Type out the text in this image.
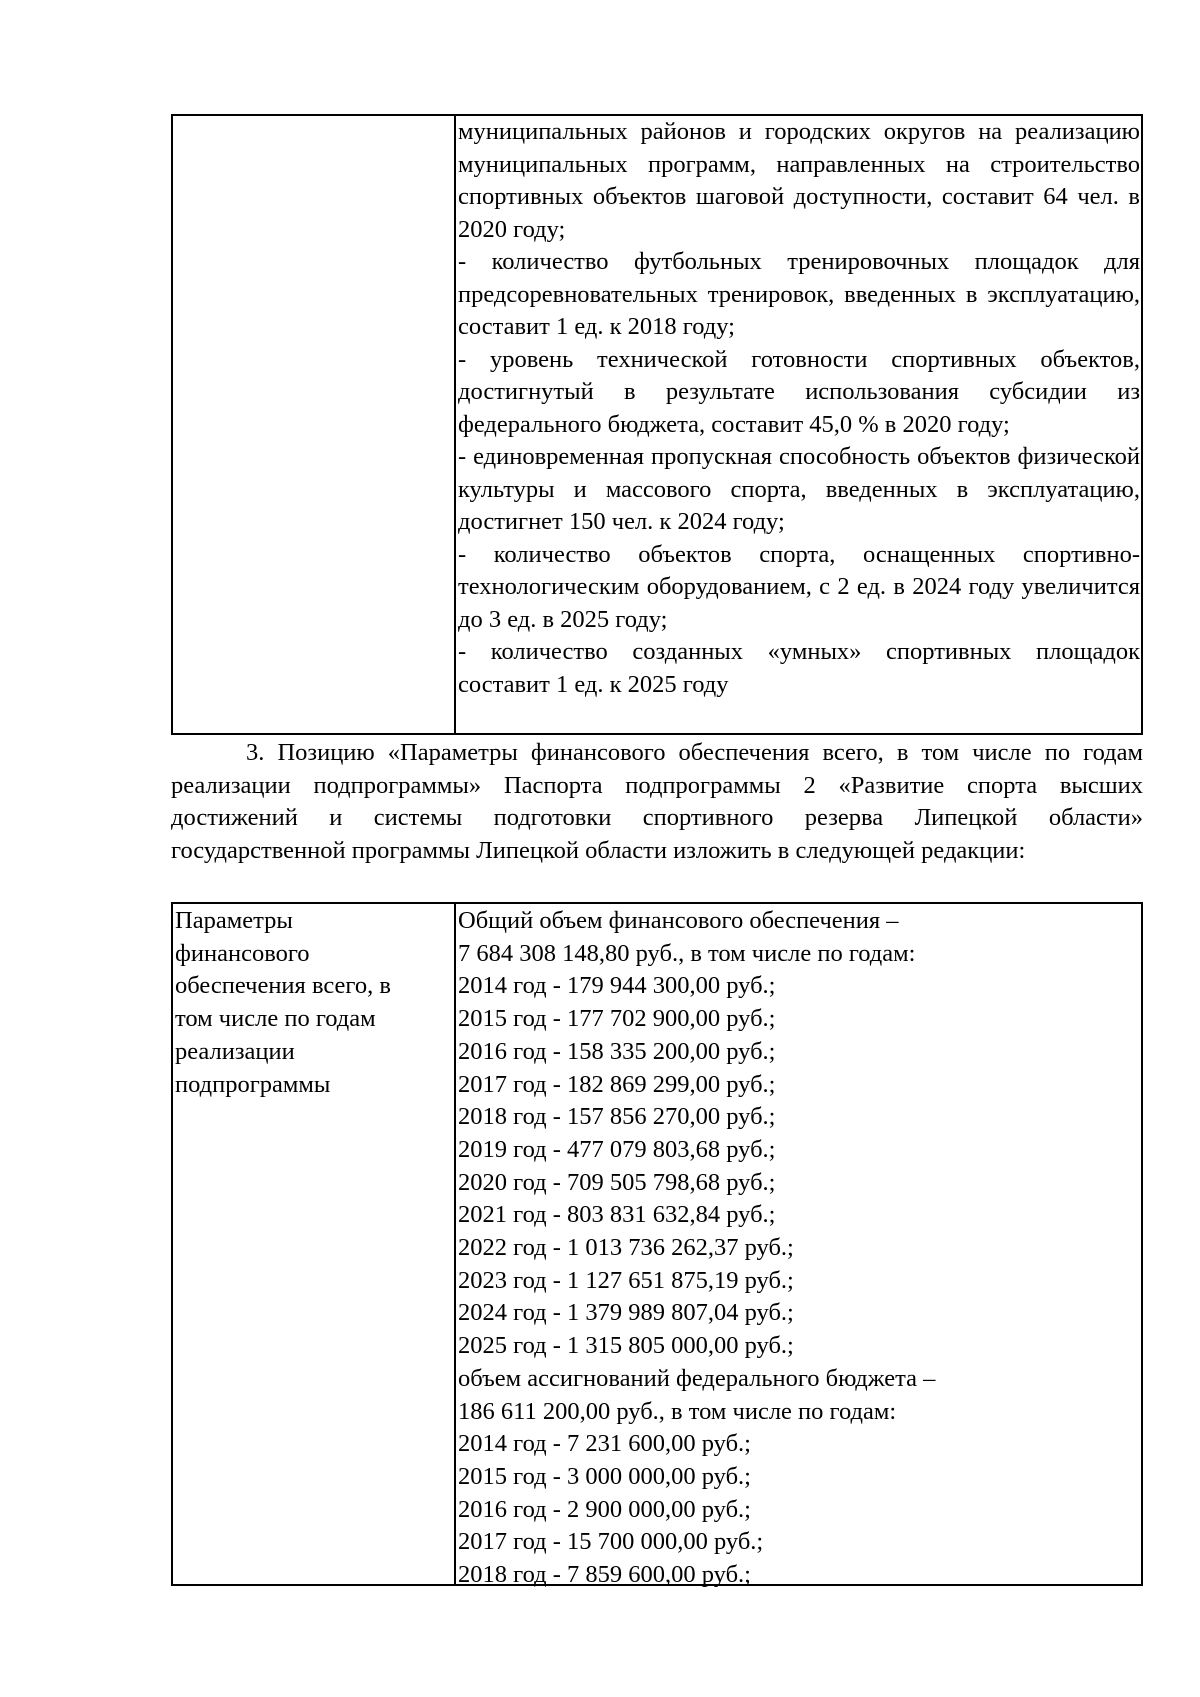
муниципальных районов и городских округов на реализацию муниципальных программ, направленных на строительство спортивных объектов шаговой доступности, составит 64 чел. в 2020 году;
- количество футбольных тренировочных площадок для предсоревновательных тренировок, введенных в эксплуатацию, составит 1 ед. к 2018 году;
- уровень технической готовности спортивных объектов, достигнутый в результате использования субсидии из федерального бюджета, составит 45,0 % в 2020 году;
- единовременная пропускная способность объектов физической культуры и массового спорта, введенных в эксплуатацию, достигнет 150 чел. к 2024 году;
- количество объектов спорта, оснащенных спортивно-технологическим оборудованием, с 2 ед. в 2024 году увеличится до 3 ед. в 2025 году;
- количество созданных «умных» спортивных площадок составит 1 ед. к 2025 году
3. Позицию «Параметры финансового обеспечения всего, в том числе по годам реализации подпрограммы» Паспорта подпрограммы 2 «Развитие спорта высших достижений и системы подготовки спортивного резерва Липецкой области» государственной программы Липецкой области изложить в следующей редакции:
Параметры
финансового
обеспечения всего, в
том числе по годам
реализации
подпрограммы
Общий объем финансового обеспечения –
7 684 308 148,80 руб., в том числе по годам:
2014 год - 179 944 300,00 руб.;
2015 год - 177 702 900,00 руб.;
2016 год - 158 335 200,00 руб.;
2017 год - 182 869 299,00 руб.;
2018 год - 157 856 270,00 руб.;
2019 год - 477 079 803,68 руб.;
2020 год - 709 505 798,68 руб.;
2021 год - 803 831 632,84 руб.;
2022 год - 1 013 736 262,37 руб.;
2023 год - 1 127 651 875,19 руб.;
2024 год - 1 379 989 807,04 руб.;
2025 год - 1 315 805 000,00 руб.;
объем ассигнований федерального бюджета –
186 611 200,00 руб., в том числе по годам:
2014 год - 7 231 600,00 руб.;
2015 год - 3 000 000,00 руб.;
2016 год - 2 900 000,00 руб.;
2017 год - 15 700 000,00 руб.;
2018 год - 7 859 600,00 руб.;
